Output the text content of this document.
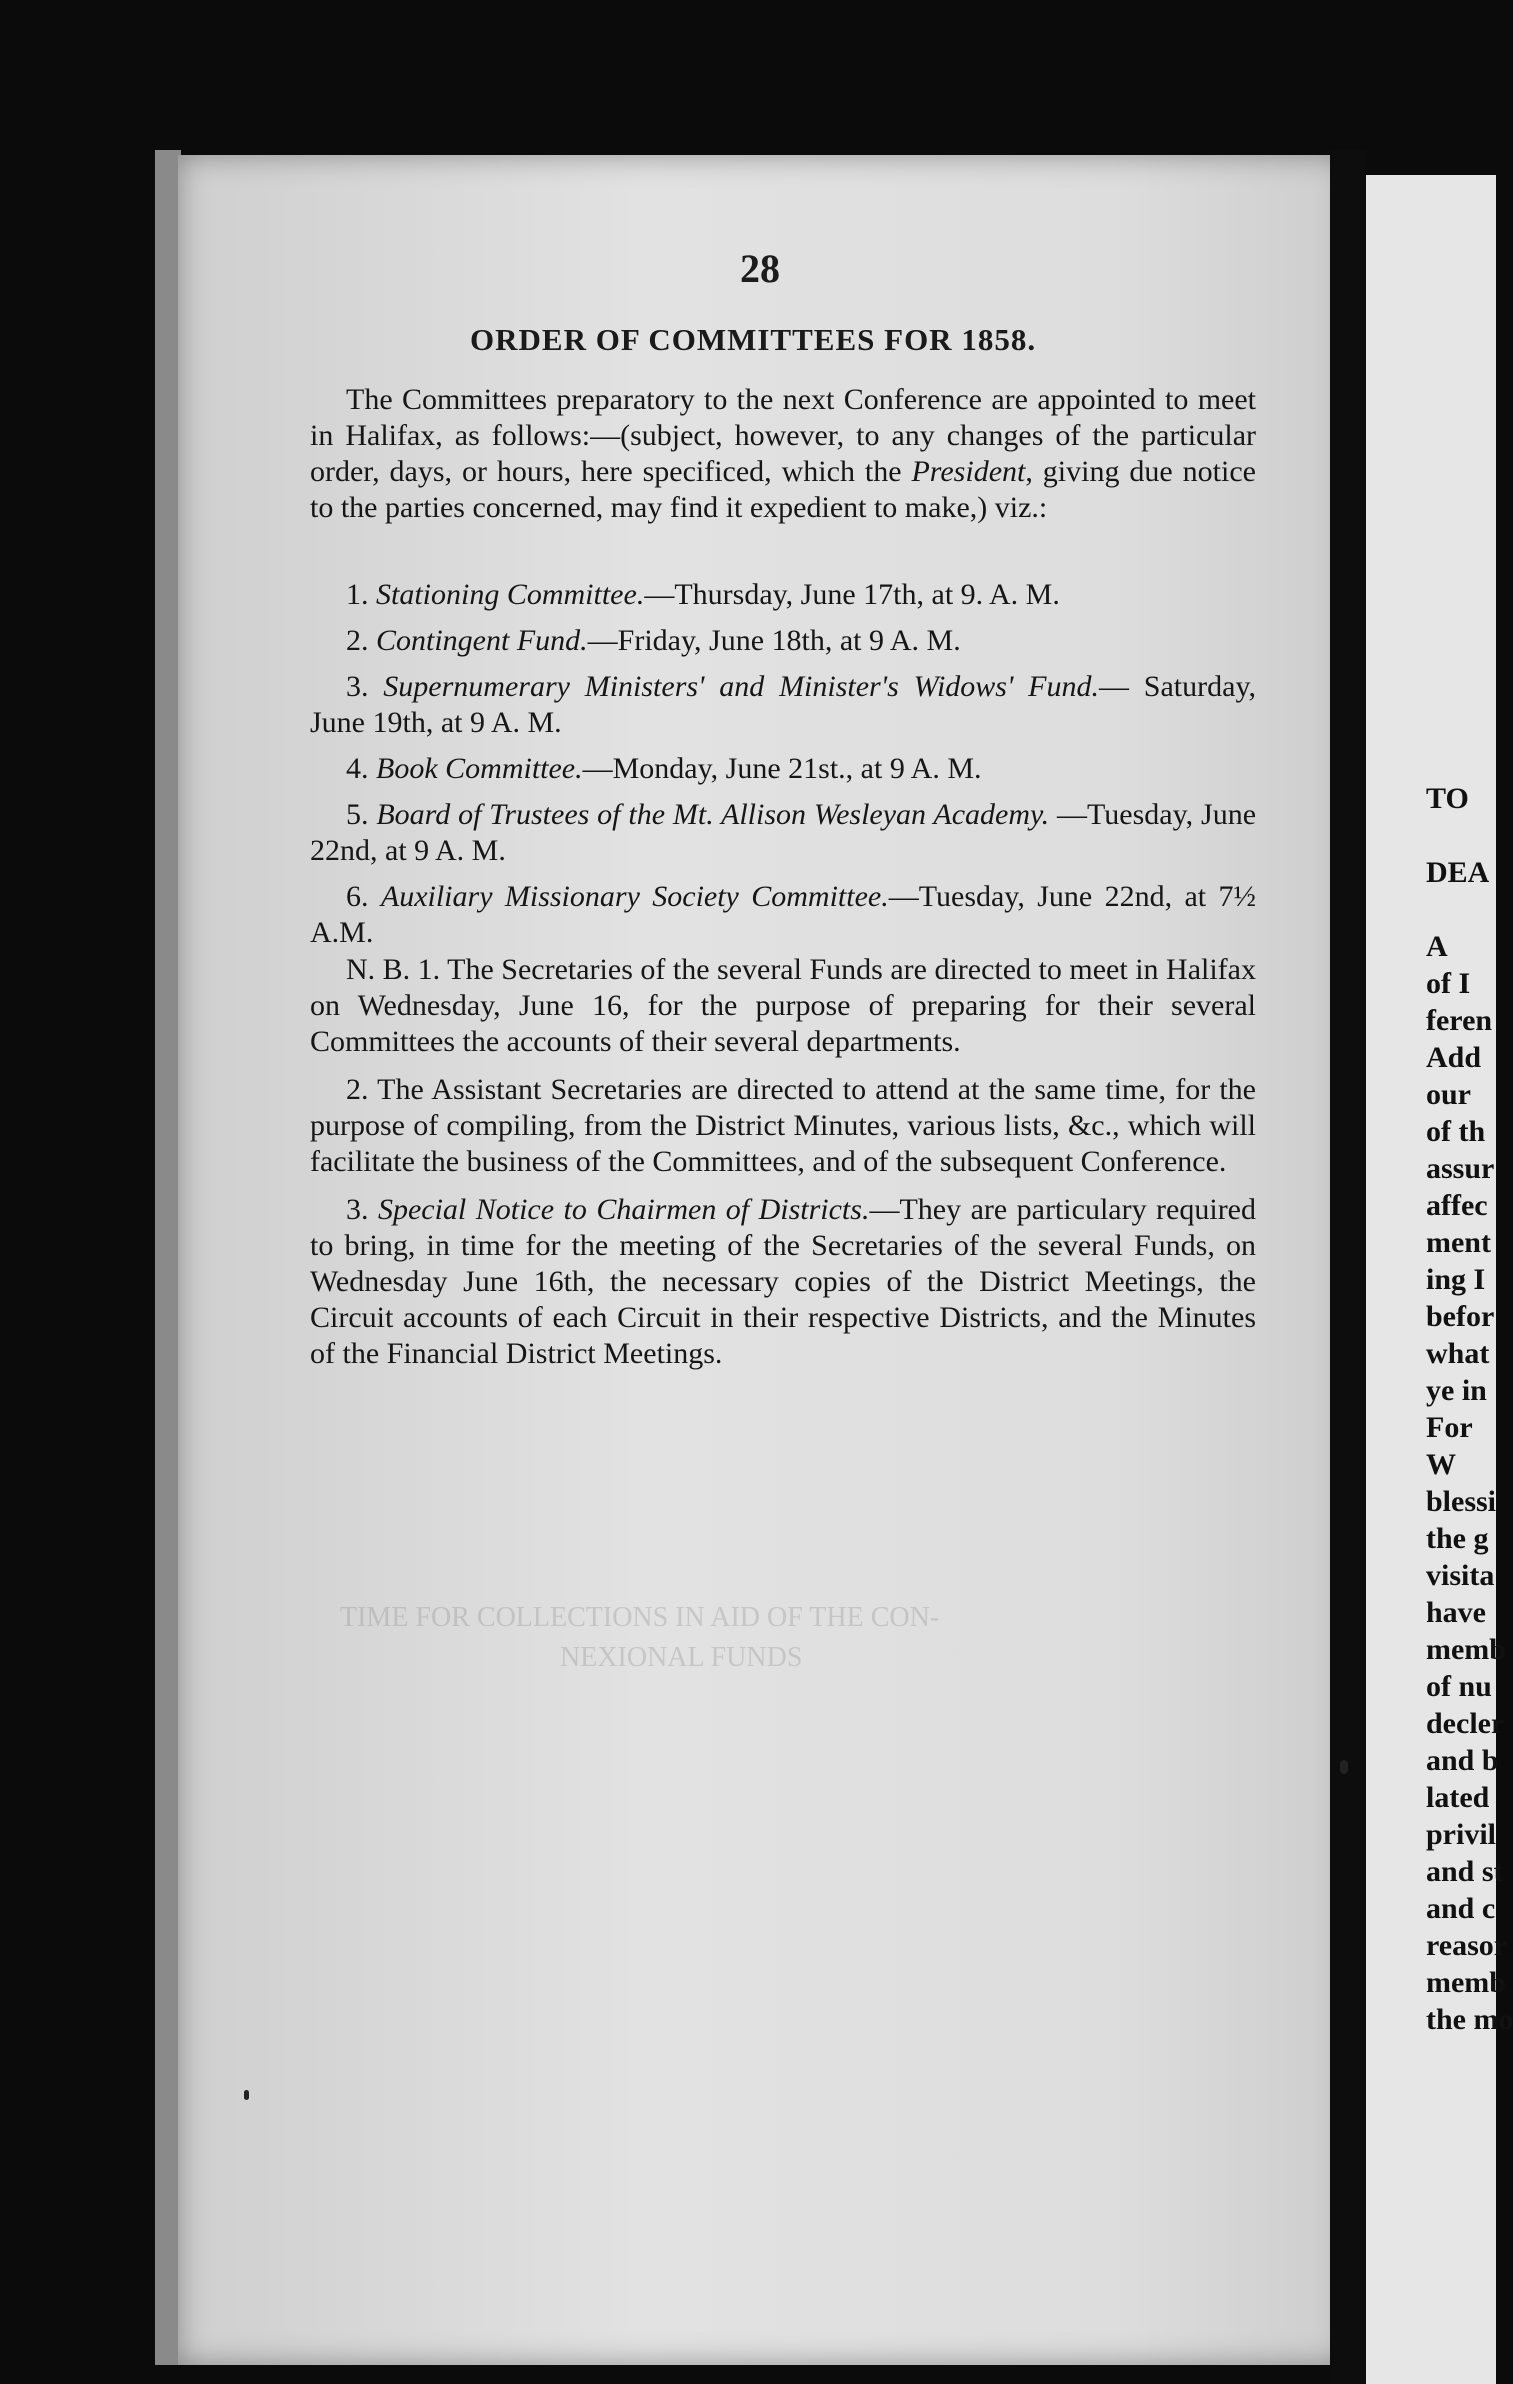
28
ORDER OF COMMITTEES FOR 1858.
The Committees preparatory to the next Conference are appointed to meet in Halifax, as follows:—(subject, however, to any changes of the particular order, days, or hours, here specificed, which the President, giving due notice to the parties concerned, may find it expedient to make,) viz.:
1. Stationing Committee.—Thursday, June 17th, at 9. A. M.
2. Contingent Fund.—Friday, June 18th, at 9 A. M.
3. Supernumerary Ministers' and Minister's Widows' Fund.— Saturday, June 19th, at 9 A. M.
4. Book Committee.—Monday, June 21st., at 9 A. M.
5. Board of Trustees of the Mt. Allison Wesleyan Academy. —Tuesday, June 22nd, at 9 A. M.
6. Auxiliary Missionary Society Committee.—Tuesday, June 22nd, at 7½ A.M.

N. B. 1. The Secretaries of the several Funds are directed to meet in Halifax on Wednesday, June 16, for the purpose of preparing for their several Committees the accounts of their several departments.

2. The Assistant Secretaries are directed to attend at the same time, for the purpose of compiling, from the District Minutes, various lists, &c., which will facilitate the business of the Committees, and of the subsequent Conference.

3. Special Notice to Chairmen of Districts.—They are particulary required to bring, in time for the meeting of the Secretaries of the several Funds, on Wednesday June 16th, the necessary copies of the District Meetings, the Circuit accounts of each Circuit in their respective Districts, and the Minutes of the Financial District Meetings.

TIME FOR COLLECTIONS IN AID OF THE CON-
NEXIONAL FUNDS
TO
DEA
A
of I
feren
Add
our
of th
assur
affec
ment
ing I
befor
what
ye in
For
W
blessi
the g
visita
have
memb
of nu
decler
and b
lated
privil
and st
and c
reasor
memb
the mo
